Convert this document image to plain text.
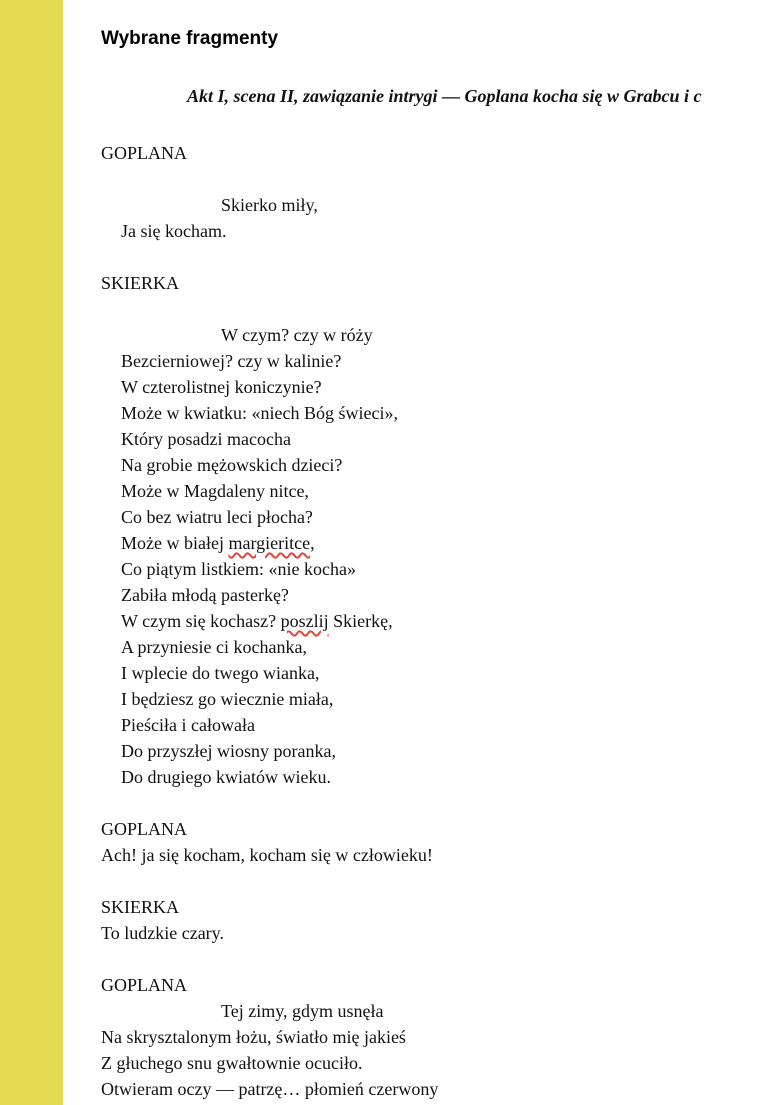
Wybrane fragmenty
Akt I, scena II, zawiązanie intrygi — Goplana kocha się w Grabcu i c
GOPLANA
Skierko miły,
Ja się kocham.
SKIERKA
W czym? czy w róży
Bezcierniowej? czy w kalinie?
W czterolistnej koniczynie?
Może w kwiatku: «niech Bóg świeci»,
Który posadzi macocha
Na grobie mężowskich dzieci?
Może w Magdaleny nitce,
Co bez wiatru leci płocha?
Może w białej margieritce,
Co piątym listkiem: «nie kocha»
Zabiła młodą pasterkę?
W czym się kochasz? poszlij Skierkę,
A przyniesie ci kochanka,
I wplecie do twego wianka,
I będziesz go wiecznie miała,
Pieściła i całowała
Do przyszłej wiosny poranka,
Do drugiego kwiatów wieku.
GOPLANA
Ach! ja się kocham, kocham się w człowieku!
SKIERKA
To ludzkie czary.
GOPLANA
Tej zimy, gdym usnęła
Na skrysztalonym łożu, światło mię jakieś
Z głuchego snu gwałtownie ocuciło.
Otwieram oczy — patrzę… płomień czerwony
